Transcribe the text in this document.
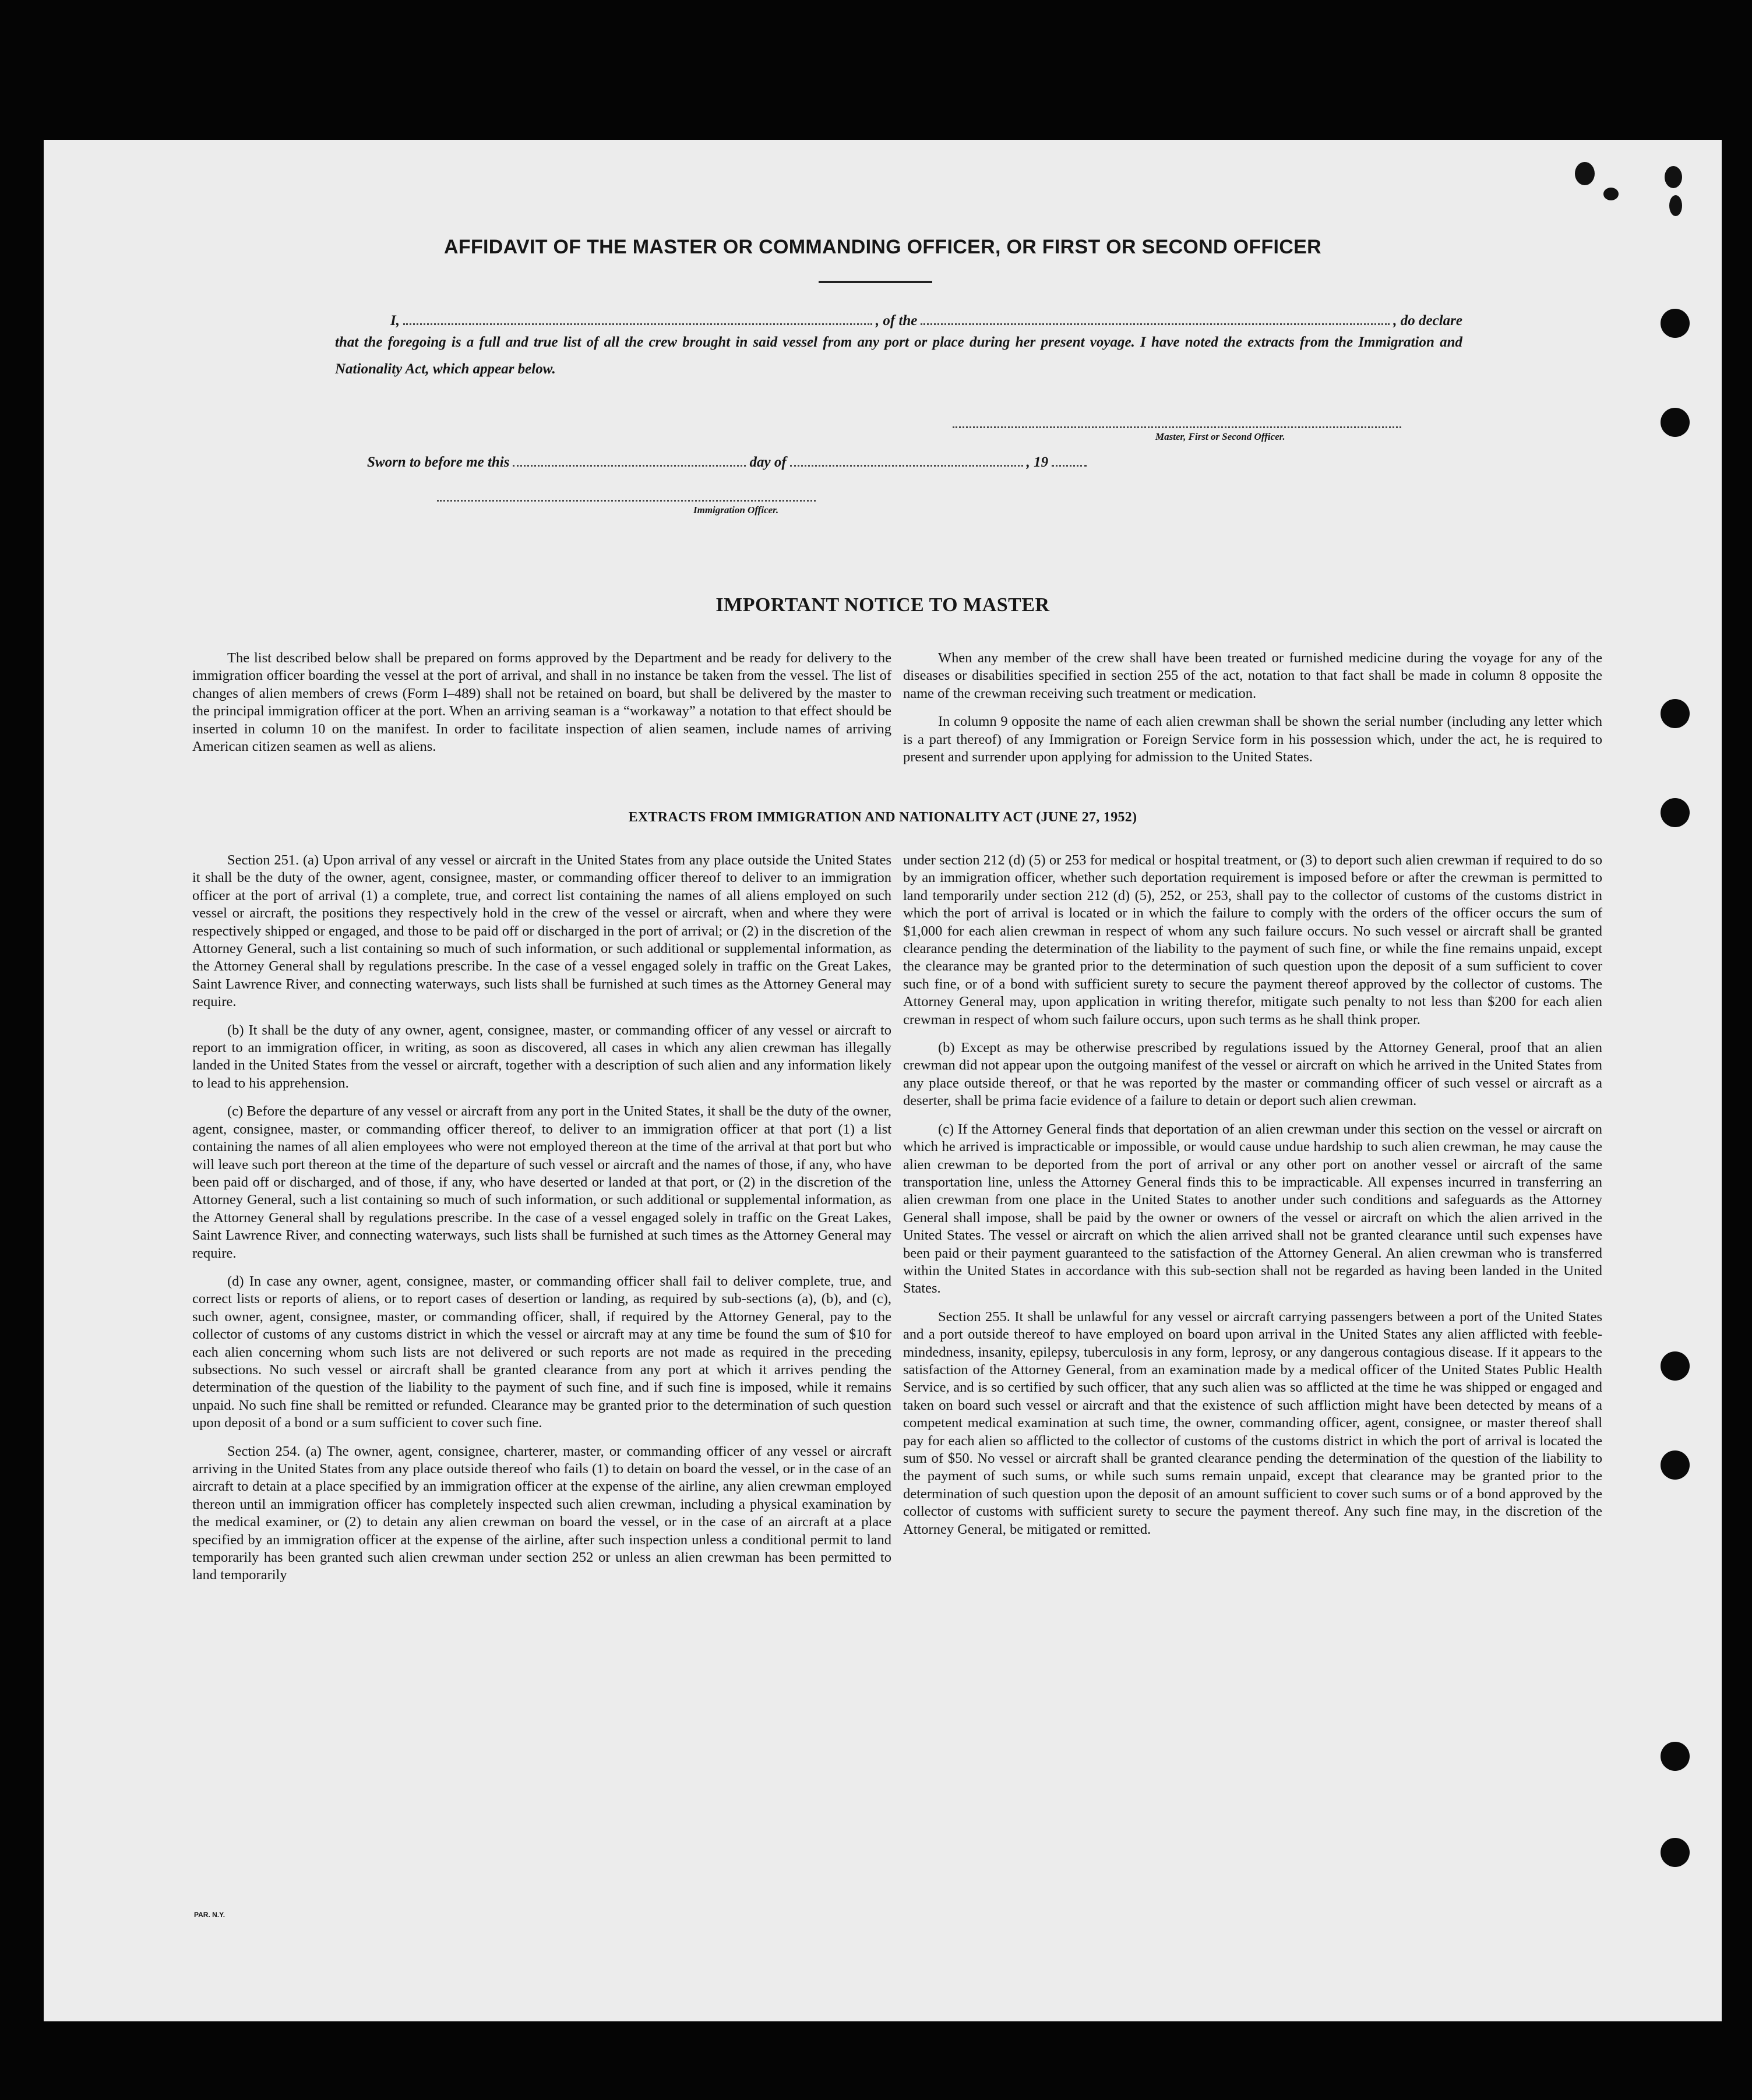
AFFIDAVIT OF THE MASTER OR COMMANDING OFFICER, OR FIRST OR SECOND OFFICER
I,	, of the	, do declare
that the foregoing is a full and true list of all the crew brought in said vessel from any port or place during her present voyage. I have noted the extracts from the Immigration and Nationality Act, which appear below.
Master, First or Second Officer.
Sworn to before me this	day of	, 19
Immigration Officer.
IMPORTANT NOTICE TO MASTER

The list described below shall be prepared on forms approved by the Department and be ready for delivery to the immigration officer boarding the vessel at the port of arrival, and shall in no instance be taken from the vessel. The list of changes of alien members of crews (Form I–489) shall not be retained on board, but shall be delivered by the master to the principal immigration officer at the port. When an arriving seaman is a “workaway” a notation to that effect should be inserted in column 10 on the manifest. In order to facilitate inspection of alien seamen, include names of arriving American citizen seamen as well as aliens.

When any member of the crew shall have been treated or furnished medicine during the voyage for any of the diseases or disabilities specified in section 255 of the act, notation to that fact shall be made in column 8 opposite the name of the crewman receiving such treatment or medication.

In column 9 opposite the name of each alien crewman shall be shown the serial number (including any letter which is a part thereof) of any Immigration or Foreign Service form in his possession which, under the act, he is required to present and surrender upon applying for admission to the United States.

EXTRACTS FROM IMMIGRATION AND NATIONALITY ACT (JUNE 27, 1952)

Section 251. (a) Upon arrival of any vessel or aircraft in the United States from any place outside the United States it shall be the duty of the owner, agent, consignee, master, or commanding officer thereof to deliver to an immigration officer at the port of arrival (1) a complete, true, and correct list containing the names of all aliens employed on such vessel or aircraft, the positions they respectively hold in the crew of the vessel or aircraft, when and where they were respectively shipped or engaged, and those to be paid off or discharged in the port of arrival; or (2) in the discretion of the Attorney General, such a list containing so much of such information, or such additional or supplemental information, as the Attorney General shall by regulations prescribe. In the case of a vessel engaged solely in traffic on the Great Lakes, Saint Lawrence River, and connecting waterways, such lists shall be furnished at such times as the Attorney General may require.

(b) It shall be the duty of any owner, agent, consignee, master, or commanding officer of any vessel or aircraft to report to an immigration officer, in writing, as soon as discovered, all cases in which any alien crewman has illegally landed in the United States from the vessel or aircraft, together with a description of such alien and any information likely to lead to his apprehension.

(c) Before the departure of any vessel or aircraft from any port in the United States, it shall be the duty of the owner, agent, consignee, master, or commanding officer thereof, to deliver to an immigration officer at that port (1) a list containing the names of all alien employees who were not employed thereon at the time of the arrival at that port but who will leave such port thereon at the time of the departure of such vessel or aircraft and the names of those, if any, who have been paid off or discharged, and of those, if any, who have deserted or landed at that port, or (2) in the discretion of the Attorney General, such a list containing so much of such information, or such additional or supplemental information, as the Attorney General shall by regulations prescribe. In the case of a vessel engaged solely in traffic on the Great Lakes, Saint Lawrence River, and connecting waterways, such lists shall be furnished at such times as the Attorney General may require.

(d) In case any owner, agent, consignee, master, or commanding officer shall fail to deliver complete, true, and correct lists or reports of aliens, or to report cases of desertion or landing, as required by sub-sections (a), (b), and (c), such owner, agent, consignee, master, or commanding officer, shall, if required by the Attorney General, pay to the collector of customs of any customs district in which the vessel or aircraft may at any time be found the sum of $10 for each alien concerning whom such lists are not delivered or such reports are not made as required in the preceding subsections. No such vessel or aircraft shall be granted clearance from any port at which it arrives pending the determination of the question of the liability to the payment of such fine, and if such fine is imposed, while it remains unpaid. No such fine shall be remitted or refunded. Clearance may be granted prior to the determination of such question upon deposit of a bond or a sum sufficient to cover such fine.

Section 254. (a) The owner, agent, consignee, charterer, master, or commanding officer of any vessel or aircraft arriving in the United States from any place outside thereof who fails (1) to detain on board the vessel, or in the case of an aircraft to detain at a place specified by an immigration officer at the expense of the airline, any alien crewman employed thereon until an immigration officer has completely inspected such alien crewman, including a physical examination by the medical examiner, or (2) to detain any alien crewman on board the vessel, or in the case of an aircraft at a place specified by an immigration officer at the expense of the airline, after such inspection unless a conditional permit to land temporarily has been granted such alien crewman under section 252 or unless an alien crewman has been permitted to land temporarily

under section 212 (d) (5) or 253 for medical or hospital treatment, or (3) to deport such alien crewman if required to do so by an immigration officer, whether such deportation requirement is imposed before or after the crewman is permitted to land temporarily under section 212 (d) (5), 252, or 253, shall pay to the collector of customs of the customs district in which the port of arrival is located or in which the failure to comply with the orders of the officer occurs the sum of $1,000 for each alien crewman in respect of whom any such failure occurs. No such vessel or aircraft shall be granted clearance pending the determination of the liability to the payment of such fine, or while the fine remains unpaid, except the clearance may be granted prior to the determination of such question upon the deposit of a sum sufficient to cover such fine, or of a bond with sufficient surety to secure the payment thereof approved by the collector of customs. The Attorney General may, upon application in writing therefor, mitigate such penalty to not less than $200 for each alien crewman in respect of whom such failure occurs, upon such terms as he shall think proper.

(b) Except as may be otherwise prescribed by regulations issued by the Attorney General, proof that an alien crewman did not appear upon the outgoing manifest of the vessel or aircraft on which he arrived in the United States from any place outside thereof, or that he was reported by the master or commanding officer of such vessel or aircraft as a deserter, shall be prima facie evidence of a failure to detain or deport such alien crewman.

(c) If the Attorney General finds that deportation of an alien crewman under this section on the vessel or aircraft on which he arrived is impracticable or impossible, or would cause undue hardship to such alien crewman, he may cause the alien crewman to be deported from the port of arrival or any other port on another vessel or aircraft of the same transportation line, unless the Attorney General finds this to be impracticable. All expenses incurred in transferring an alien crewman from one place in the United States to another under such conditions and safeguards as the Attorney General shall impose, shall be paid by the owner or owners of the vessel or aircraft on which the alien arrived in the United States. The vessel or aircraft on which the alien arrived shall not be granted clearance until such expenses have been paid or their payment guaranteed to the satisfaction of the Attorney General. An alien crewman who is transferred within the United States in accordance with this sub-section shall not be regarded as having been landed in the United States.

Section 255. It shall be unlawful for any vessel or aircraft carrying passengers between a port of the United States and a port outside thereof to have employed on board upon arrival in the United States any alien afflicted with feeble-mindedness, insanity, epilepsy, tuberculosis in any form, leprosy, or any dangerous contagious disease. If it appears to the satisfaction of the Attorney General, from an examination made by a medical officer of the United States Public Health Service, and is so certified by such officer, that any such alien was so afflicted at the time he was shipped or engaged and taken on board such vessel or aircraft and that the existence of such affliction might have been detected by means of a competent medical examination at such time, the owner, commanding officer, agent, consignee, or master thereof shall pay for each alien so afflicted to the collector of customs of the customs district in which the port of arrival is located the sum of $50. No vessel or aircraft shall be granted clearance pending the determination of the question of the liability to the payment of such sums, or while such sums remain unpaid, except that clearance may be granted prior to the determination of such question upon the deposit of an amount sufficient to cover such sums or of a bond approved by the collector of customs with sufficient surety to secure the payment thereof. Any such fine may, in the discretion of the Attorney General, be mitigated or remitted.

PAR. N.Y.
